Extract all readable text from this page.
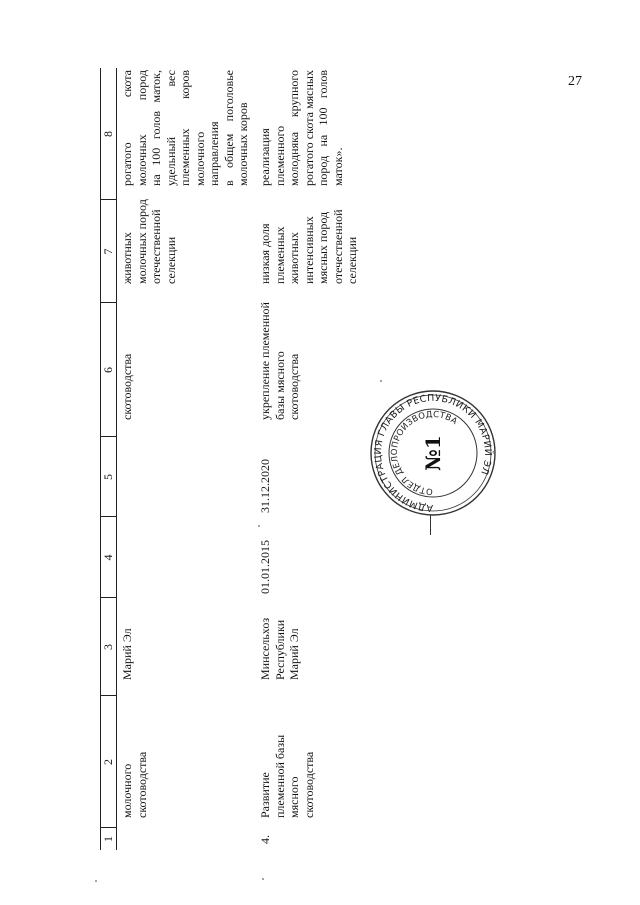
27
1
2
3
4
5
6
7
8
молочного скотоводства
Марий Эл
скотоводства
животных молочных пород отечественной селекции
рогатого скота молочных пород на 100 голов маток, удельный вес племенных коров молочного направления в общем поголовье молочных коров
4.
Развитие племенной базы мясного скотоводства
Минсельхоз Республики Марий Эл
01.01.2015
31.12.2020
укрепление племенной базы мясного скотоводства
низкая доля племенных животных интенсивных мясных пород отечественной селекции
реализация племенного молодняка крупного рогатого скота мясных пород на 100 голов маток».
АДМИНИСТРАЦИЯ ГЛАВЫ РЕСПУБЛИКИ МАРИЙ ЭЛ
ОТДЕЛ ДЕЛОПРОИЗВОДСТВА
№1
